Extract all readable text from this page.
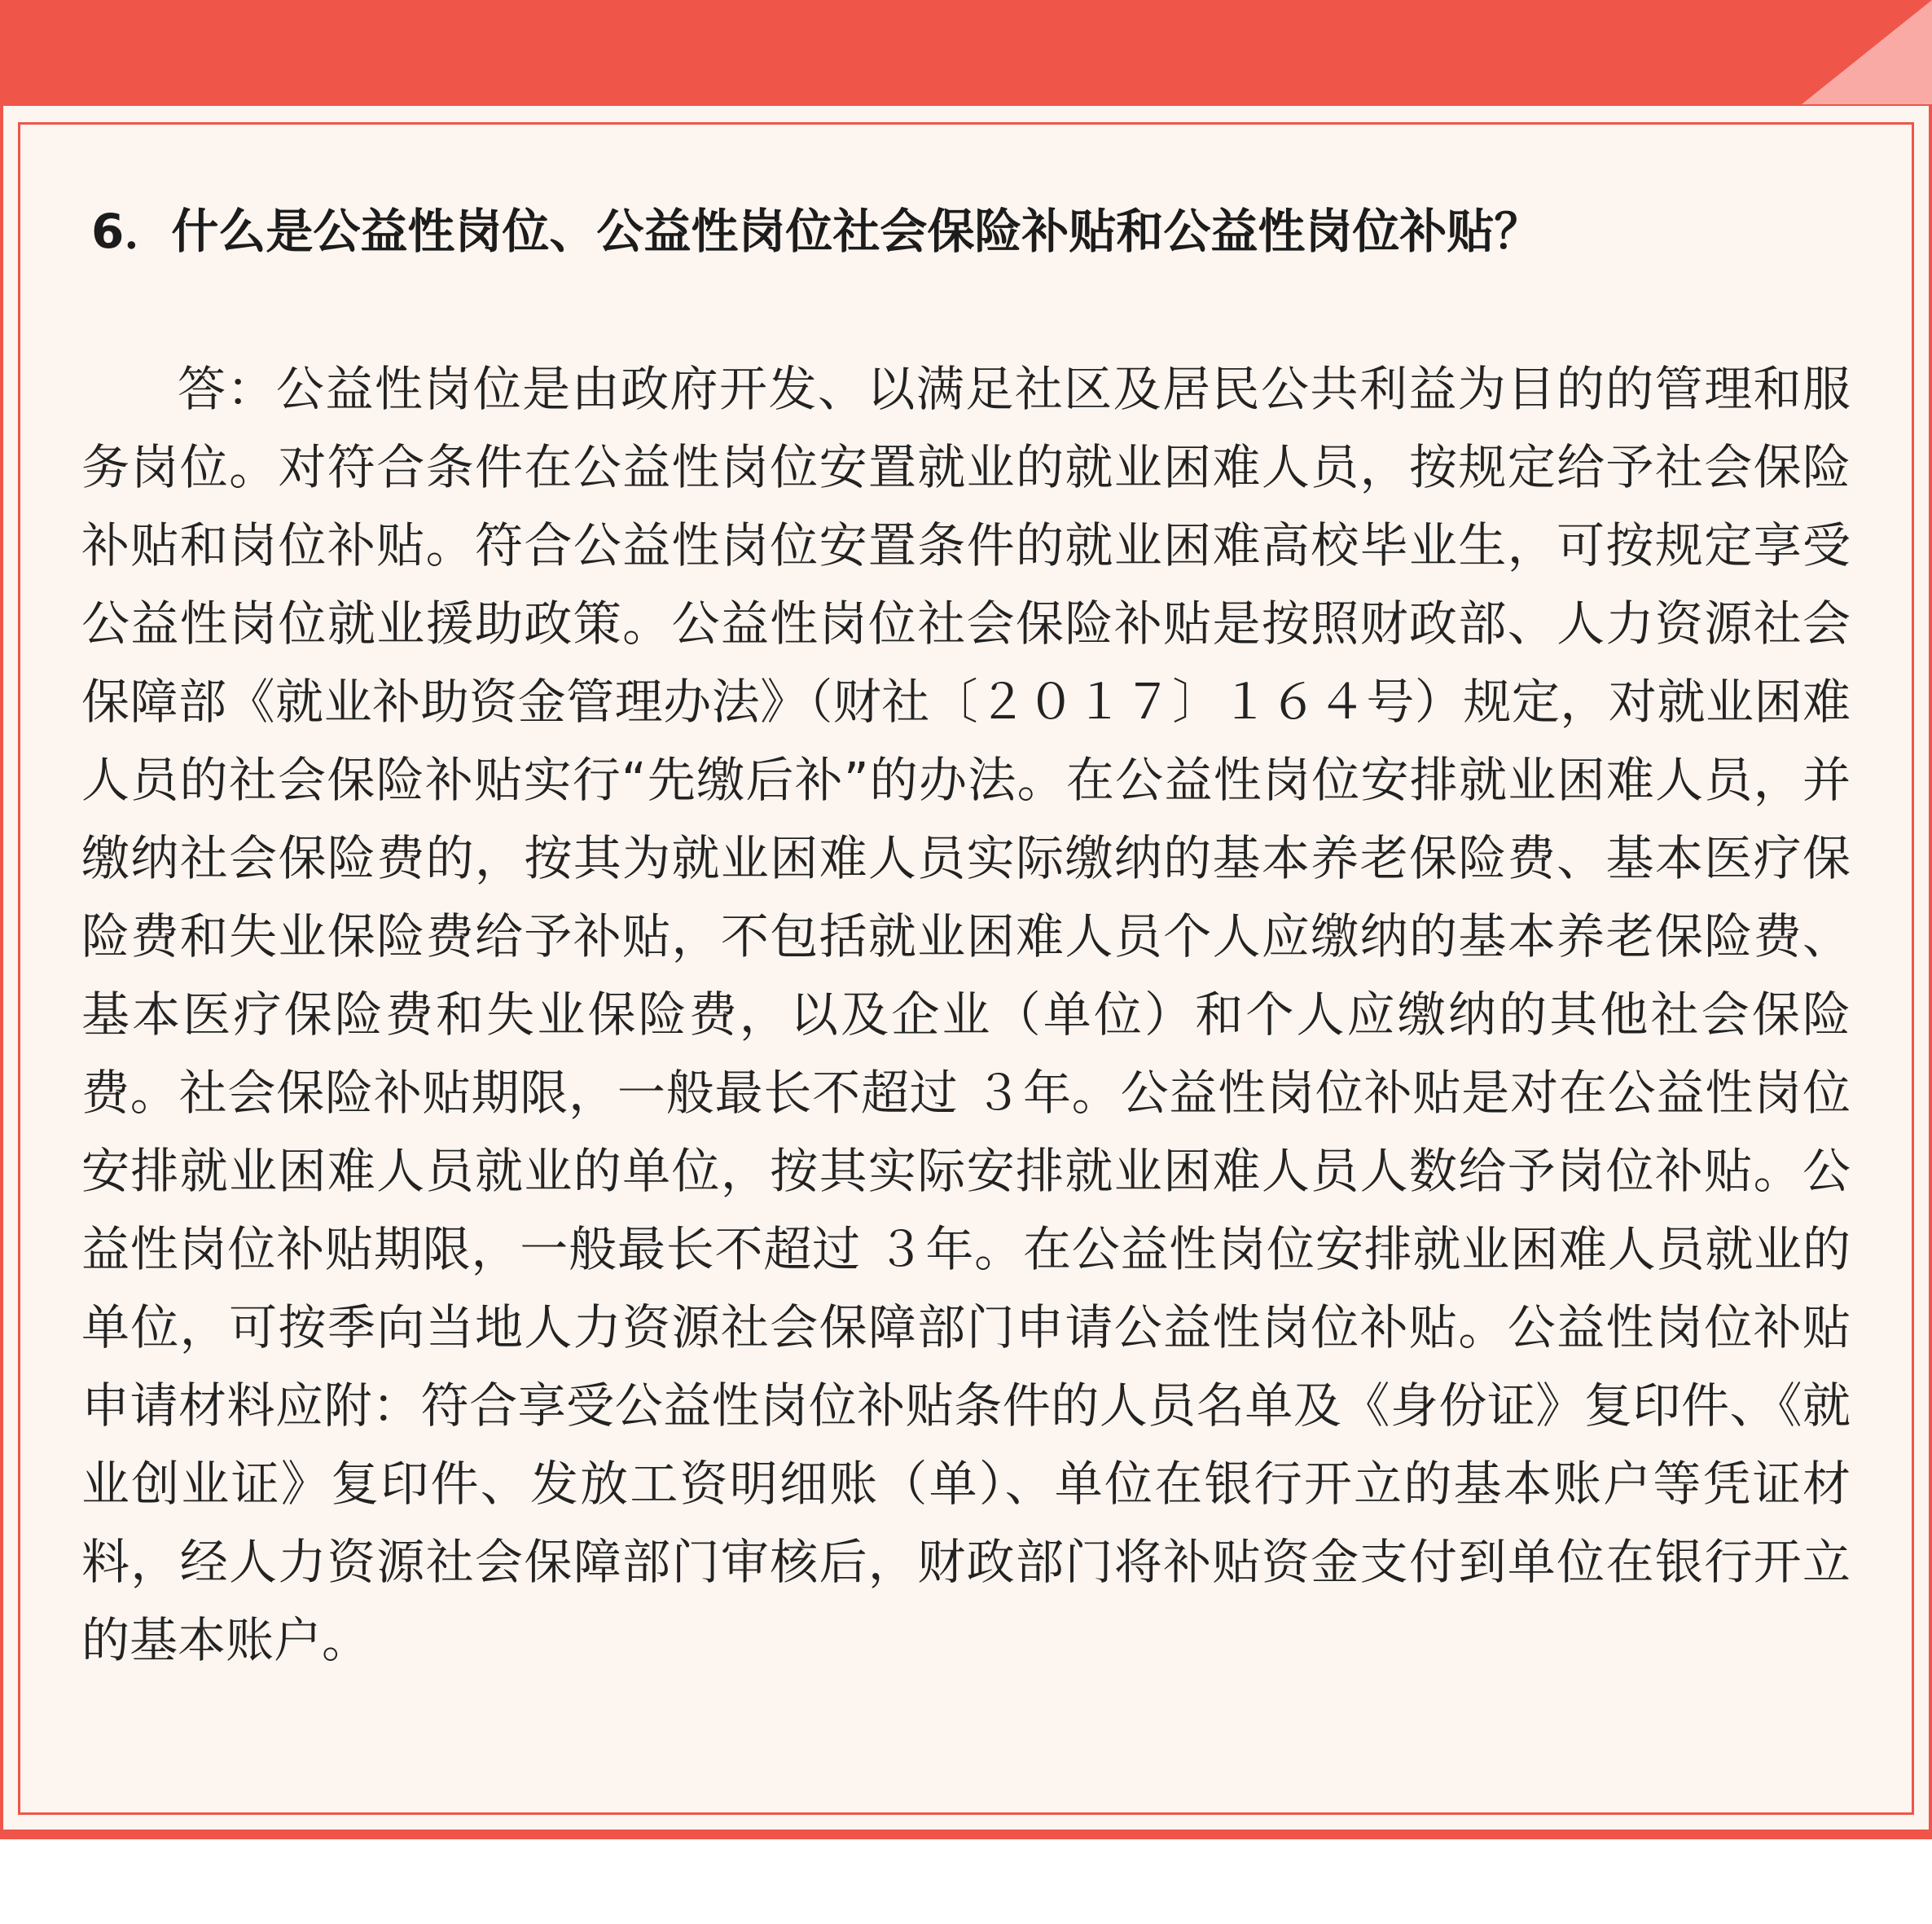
6．什么是公益性岗位、公益性岗位社会保险补贴和公益性岗位补贴？

答：公益性岗位是由政府开发、以满足社区及居民公共利益为目的的管理和服务岗位。对符合条件在公益性岗位安置就业的就业困难人员，按规定给予社会保险补贴和岗位补贴。符合公益性岗位安置条件的就业困难高校毕业生，可按规定享受公益性岗位就业援助政策。公益性岗位社会保险补贴是按照财政部、人力资源社会保障部《就业补助资金管理办法》（财社〔２０１７〕１６４号）规定，对就业困难人员的社会保险补贴实行“先缴后补”的办法。在公益性岗位安排就业困难人员，并缴纳社会保险费的，按其为就业困难人员实际缴纳的基本养老保险费、基本医疗保险费和失业保险费给予补贴，不包括就业困难人员个人应缴纳的基本养老保险费、基本医疗保险费和失业保险费，以及企业（单位）和个人应缴纳的其他社会保险费。社会保险补贴期限，一般最长不超过 ３年。公益性岗位补贴是对在公益性岗位安排就业困难人员就业的单位，按其实际安排就业困难人员人数给予岗位补贴。公益性岗位补贴期限，一般最长不超过 ３年。在公益性岗位安排就业困难人员就业的单位，可按季向当地人力资源社会保障部门申请公益性岗位补贴。公益性岗位补贴申请材料应附：符合享受公益性岗位补贴条件的人员名单及《身份证》复印件、《就业创业证》复印件、发放工资明细账（单）、单位在银行开立的基本账户等凭证材料，经人力资源社会保障部门审核后，财政部门将补贴资金支付到单位在银行开立的基本账户。
